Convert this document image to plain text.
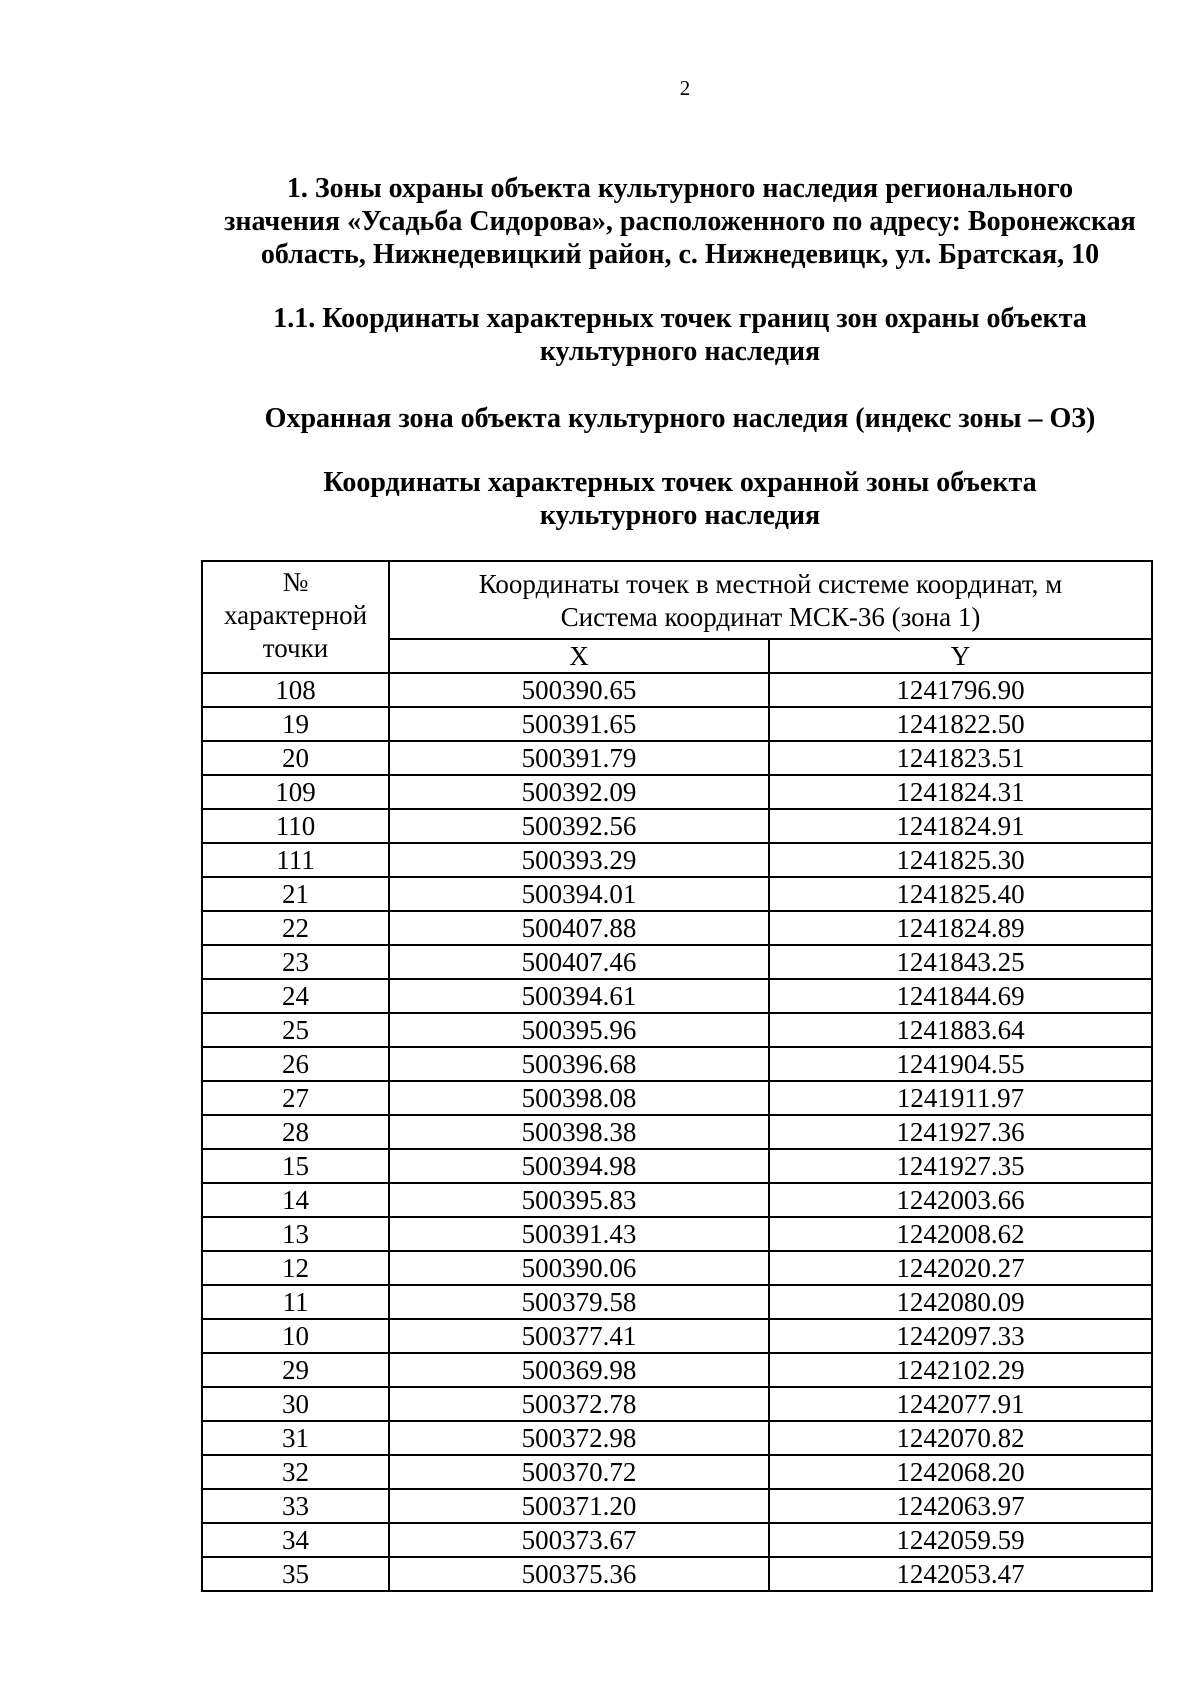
2
1. Зоны охраны объекта культурного наследия регионального
значения «Усадьба Сидорова», расположенного по адресу: Воронежская
область, Нижнедевицкий район, с. Нижнедевицк, ул. Братская, 10
1.1. Координаты характерных точек границ зон охраны объекта
культурного наследия
Охранная зона объекта культурного наследия (индекс зоны – ОЗ)
Координаты характерных точек охранной зоны объекта
культурного наследия
№
характерной
точки	Координаты точек в местной системе координат, м
Система координат МСК-36 (зона 1)	

	X	Y
108	500390.65	1241796.90
19	500391.65	1241822.50
20	500391.79	1241823.51
109	500392.09	1241824.31
110	500392.56	1241824.91
111	500393.29	1241825.30
21	500394.01	1241825.40
22	500407.88	1241824.89
23	500407.46	1241843.25
24	500394.61	1241844.69
25	500395.96	1241883.64
26	500396.68	1241904.55
27	500398.08	1241911.97
28	500398.38	1241927.36
15	500394.98	1241927.35
14	500395.83	1242003.66
13	500391.43	1242008.62
12	500390.06	1242020.27
11	500379.58	1242080.09
10	500377.41	1242097.33
29	500369.98	1242102.29
30	500372.78	1242077.91
31	500372.98	1242070.82
32	500370.72	1242068.20
33	500371.20	1242063.97
34	500373.67	1242059.59
35	500375.36	1242053.47
